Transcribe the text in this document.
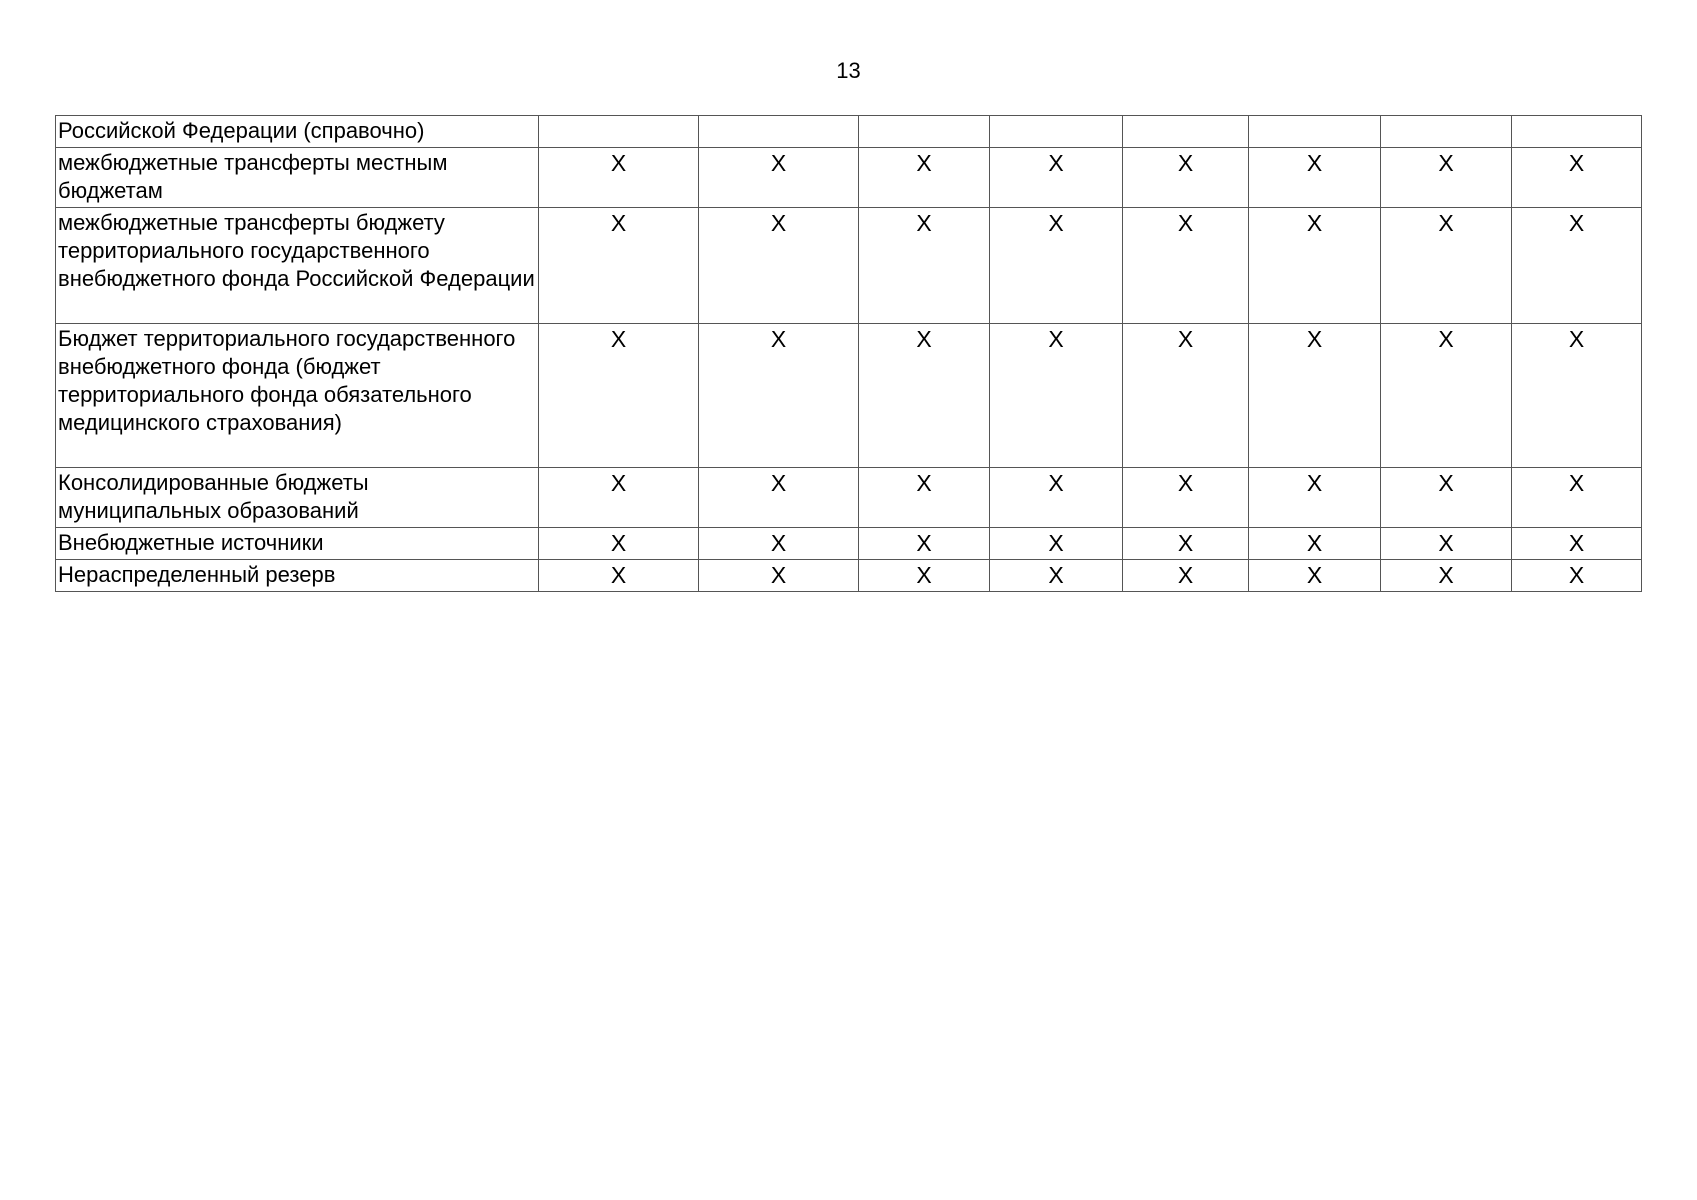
13
Российской Федерации (справочно)								
межбюджетные трансферты местным бюджетам	X	X	X	X	X	X	X	X
межбюджетные трансферты бюджету территориального государственного внебюджетного фонда Российской Федерации	X	X	X	X	X	X	X	X
Бюджет территориального государственного внебюджетного фонда (бюджет территориального фонда обязательного медицинского страхования)	X	X	X	X	X	X	X	X
Консолидированные бюджеты муниципальных образований	X	X	X	X	X	X	X	X
Внебюджетные источники	X	X	X	X	X	X	X	X
Нераспределенный резерв	X	X	X	X	X	X	X	X
